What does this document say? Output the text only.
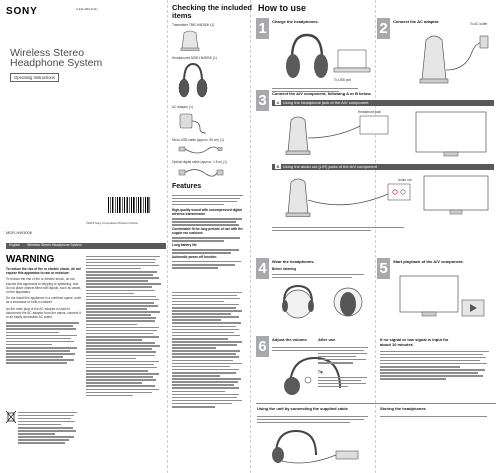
SONY	4-441-284-11(1)
Wireless Stereo
Headphone System
Operating Instructions
©2015 Sony Corporation Printed in China
MDR-HW300K
English Wireless Stereo Headphone System
WARNING
To reduce the risk of fire or electric shock, do not expose this apparatus to rain or moisture.
To reduce the risk of fire or electric shock, do not expose this apparatus to dripping or splashing, and do not place objects filled with liquids, such as vases, on the apparatus.
Do not install the appliance in a confined space, such as a bookcase or built-in cabinet.
As the main plug of the AC adaptor is used to disconnect the AC adaptor from the mains, connect it to an easily accessible AC outlet.
Checking the included
items
Transmitter TMR-HW300K (1)
Headphones MDR-HW300K (1)
AC adaptor (1)
Micro-USB cable (approx. 50 cm) (1)
Optical digital cable (approx. 1.5 m) (1)
Features
High-quality sound with uncompressed digital wireless transmission
Comfortable fit for long periods of use with the supple ear cushions
Long battery life
Automatic power-off function
How to use
1	Charge the headphones.
To USB port
2	Connect the AC adaptor.	To AC outlet
3	Connect the A/V component, following A or B below.
A Using the headphone jack of the A/V component
Headphone jack
B Using the audio out (L/R) jacks of the A/V component
Audio out
4	Wear the headphones.
Before listening	5	Start playback of the A/V component.
6	Adjust the volume.	After use
Tip
If no signal or low signal is input for
about 10 minutes
Using the unit by connecting the supplied cable	Storing the headphones
